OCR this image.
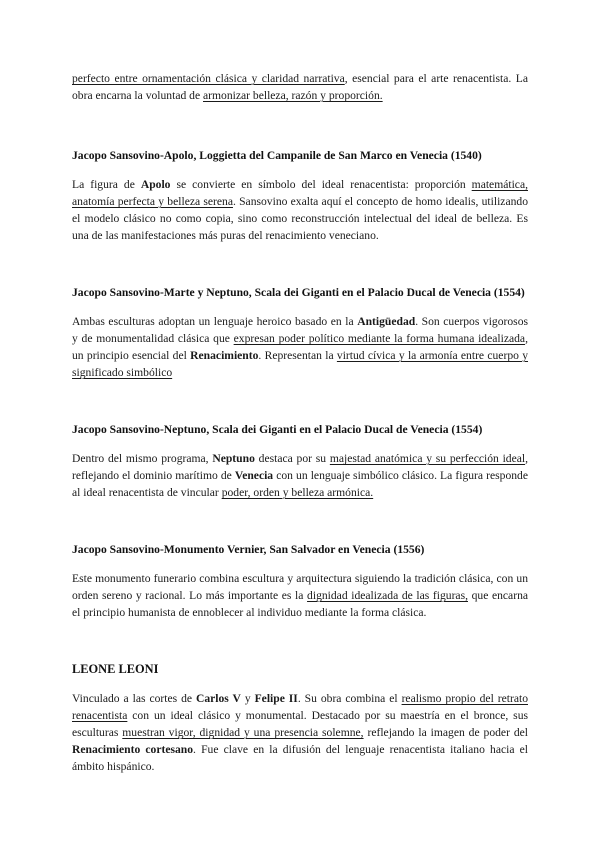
perfecto entre ornamentación clásica y claridad narrativa, esencial para el arte renacentista. La obra encarna la voluntad de armonizar belleza, razón y proporción.

Jacopo Sansovino-Apolo, Loggietta del Campanile de San Marco en Venecia (1540)

La figura de Apolo se convierte en símbolo del ideal renacentista: proporción matemática, anatomía perfecta y belleza serena. Sansovino exalta aquí el concepto de homo idealis, utilizando el modelo clásico no como copia, sino como reconstrucción intelectual del ideal de belleza. Es una de las manifestaciones más puras del renacimiento veneciano.

Jacopo Sansovino-Marte y Neptuno, Scala dei Giganti en el Palacio Ducal de Venecia (1554)

Ambas esculturas adoptan un lenguaje heroico basado en la Antigüedad. Son cuerpos vigorosos y de monumentalidad clásica que expresan poder político mediante la forma humana idealizada, un principio esencial del Renacimiento. Representan la virtud cívica y la armonía entre cuerpo y significado simbólico

Jacopo Sansovino-Neptuno, Scala dei Giganti en el Palacio Ducal de Venecia (1554)

Dentro del mismo programa, Neptuno destaca por su majestad anatómica y su perfección ideal, reflejando el dominio marítimo de Venecia con un lenguaje simbólico clásico. La figura responde al ideal renacentista de vincular poder, orden y belleza armónica.

Jacopo Sansovino-Monumento Vernier, San Salvador en Venecia (1556)

Este monumento funerario combina escultura y arquitectura siguiendo la tradición clásica, con un orden sereno y racional. Lo más importante es la dignidad idealizada de las figuras, que encarna el principio humanista de ennoblecer al individuo mediante la forma clásica.

LEONE LEONI

Vinculado a las cortes de Carlos V y Felipe II. Su obra combina el realismo propio del retrato renacentista con un ideal clásico y monumental. Destacado por su maestría en el bronce, sus esculturas muestran vigor, dignidad y una presencia solemne, reflejando la imagen de poder del Renacimiento cortesano. Fue clave en la difusión del lenguaje renacentista italiano hacia el ámbito hispánico.
